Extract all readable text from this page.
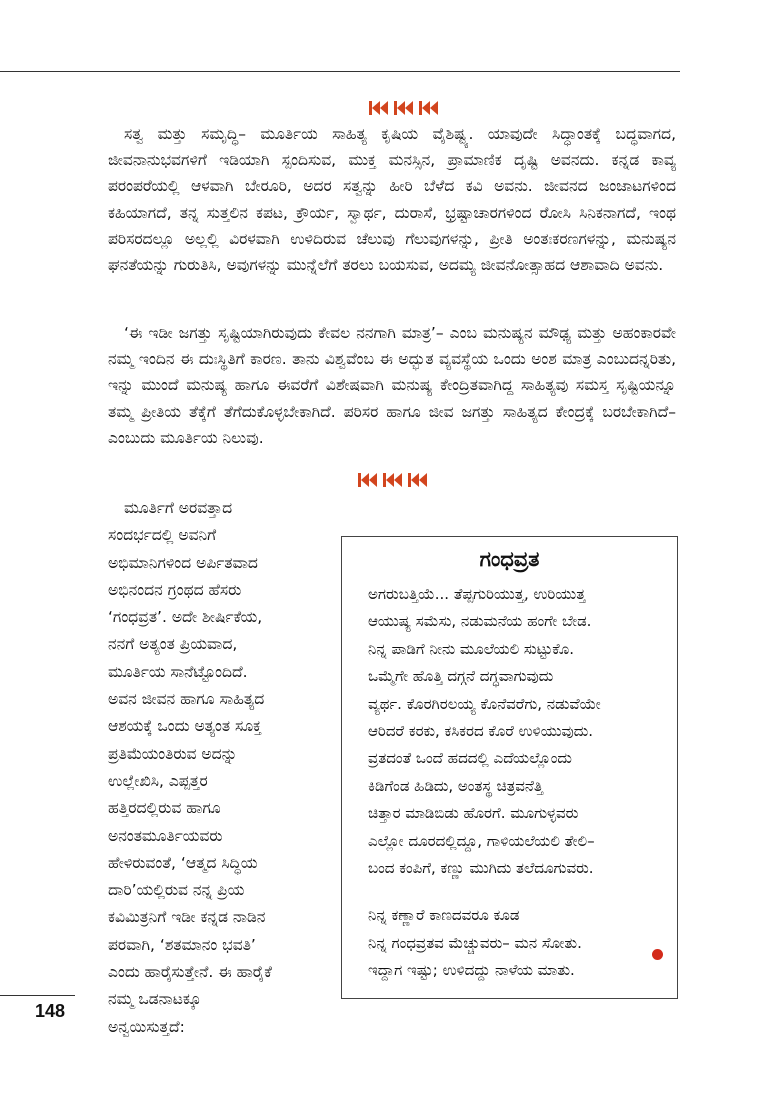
ಸತ್ವ ಮತ್ತು ಸಮೃದ್ಧಿ– ಮೂರ್ತಿಯ ಸಾಹಿತ್ಯ ಕೃಷಿಯ ವೈಶಿಷ್ಟ್ಯ. ಯಾವುದೇ ಸಿದ್ಧಾಂತಕ್ಕೆ ಬದ್ಧವಾಗದ, ಜೀವನಾನುಭವಗಳಿಗೆ ಇಡಿಯಾಗಿ ಸ್ಪಂದಿಸುವ, ಮುಕ್ತ ಮನಸ್ಸಿನ, ಪ್ರಾಮಾಣಿಕ ದೃಷ್ಟಿ ಅವನದು. ಕನ್ನಡ ಕಾವ್ಯ ಪರಂಪರೆಯಲ್ಲಿ ಆಳವಾಗಿ ಬೇರೂರಿ, ಅದರ ಸತ್ವನ್ನು ಹೀರಿ ಬೆಳೆದ ಕವಿ ಅವನು. ಜೀವನದ ಜಂಜಾಟಗಳಿಂದ ಕಹಿಯಾಗದೆ, ತನ್ನ ಸುತ್ತಲಿನ ಕಪಟ, ಕ್ರೌರ್ಯ, ಸ್ವಾರ್ಥ, ದುರಾಸೆ, ಭ್ರಷ್ಟಾಚಾರಗಳಿಂದ ರೋಸಿ ಸಿನಿಕನಾಗದೆ, ಇಂಥ ಪರಿಸರದಲ್ಲೂ ಅಲ್ಲಲ್ಲಿ ವಿರಳವಾಗಿ ಉಳಿದಿರುವ ಚೆಲುವು ಗೆಲುವುಗಳನ್ನು, ಪ್ರೀತಿ ಅಂತಃಕರಣಗಳನ್ನು, ಮನುಷ್ಯನ ಘನತೆಯನ್ನು ಗುರುತಿಸಿ, ಅವುಗಳನ್ನು ಮುನ್ನೆಲೆಗೆ ತರಲು ಬಯಸುವ, ಅದಮ್ಯ ಜೀವನೋತ್ಸಾಹದ ಆಶಾವಾದಿ ಅವನು.

‘ಈ ಇಡೀ ಜಗತ್ತು ಸೃಷ್ಟಿಯಾಗಿರುವುದು ಕೇವಲ ನನಗಾಗಿ ಮಾತ್ರ’– ಎಂಬ ಮನುಷ್ಯನ ಮೌಢ್ಯ ಮತ್ತು ಅಹಂಕಾರವೇ ನಮ್ಮ ಇಂದಿನ ಈ ದುಃಸ್ಥಿತಿಗೆ ಕಾರಣ. ತಾನು ವಿಶ್ವವೆಂಬ ಈ ಅದ್ಭುತ ವ್ಯವಸ್ಥೆಯ ಒಂದು ಅಂಶ ಮಾತ್ರ ಎಂಬುದನ್ನರಿತು, ಇನ್ನು ಮುಂದೆ ಮನುಷ್ಯ ಹಾಗೂ ಈವರೆಗೆ ವಿಶೇಷವಾಗಿ ಮನುಷ್ಯ ಕೇಂದ್ರಿತವಾಗಿದ್ದ ಸಾಹಿತ್ಯವು ಸಮಸ್ತ ಸೃಷ್ಟಿಯನ್ನೂ ತಮ್ಮ ಪ್ರೀತಿಯ ತೆಕ್ಕೆಗೆ ತೆಗೆದುಕೊಳ್ಳಬೇಕಾಗಿದೆ. ಪರಿಸರ ಹಾಗೂ ಜೀವ ಜಗತ್ತು ಸಾಹಿತ್ಯದ ಕೇಂದ್ರಕ್ಕೆ ಬರಬೇಕಾಗಿದೆ– ಎಂಬುದು ಮೂರ್ತಿಯ ನಿಲುವು.

ಮೂರ್ತಿಗೆ ಅರವತ್ತಾದ
ಸಂದರ್ಭದಲ್ಲಿ ಅವನಿಗೆ
ಅಭಿಮಾನಿಗಳಿಂದ ಅರ್ಪಿತವಾದ
ಅಭಿನಂದನ ಗ್ರಂಥದ ಹೆಸರು
‘ಗಂಧವ್ರತ’. ಅದೇ ಶೀರ್ಷಿಕೆಯ,
ನನಗೆ ಅತ್ಯಂತ ಪ್ರಿಯವಾದ,
ಮೂರ್ತಿಯ ಸಾನೆಟ್ಟೊಂದಿದೆ.
ಅವನ ಜೀವನ ಹಾಗೂ ಸಾಹಿತ್ಯದ
ಆಶಯಕ್ಕೆ ಒಂದು ಅತ್ಯಂತ ಸೂಕ್ತ
ಪ್ರತಿಮೆಯಂತಿರುವ ಅದನ್ನು
ಉಲ್ಲೇಖಿಸಿ, ಎಪ್ಪತ್ತರ
ಹತ್ತಿರದಲ್ಲಿರುವ ಹಾಗೂ
ಅನಂತಮೂರ್ತಿಯವರು
ಹೇಳಿರುವಂತೆ, ‘ಆತ್ಮದ ಸಿದ್ಧಿಯ
ದಾರಿ’ಯಲ್ಲಿರುವ ನನ್ನ ಪ್ರಿಯ
ಕವಿಮಿತ್ರನಿಗೆ ಇಡೀ ಕನ್ನಡ ನಾಡಿನ
ಪರವಾಗಿ, ‘ಶತಮಾನಂ ಭವತಿ’
ಎಂದು ಹಾರೈಸುತ್ತೇನೆ. ಈ ಹಾರೈಕೆ
ನಮ್ಮ ಒಡನಾಟಕ್ಕೂ
ಅನ್ವಯಿಸುತ್ತದೆ:
ಗಂಧವ್ರತ
ಅಗರುಬತ್ತಿಯೆ... ತೆಪ್ಪಗುರಿಯುತ್ತ, ಉರಿಯುತ್ತ
ಆಯುಷ್ಯ ಸಮೆಸು, ನಡುಮನೆಯ ಹಂಗೇ ಬೇಡ.
ನಿನ್ನ ಪಾಡಿಗೆ ನೀನು ಮೂಲೆಯಲಿ ಸುಟ್ಟುಕೊ.
ಒಮ್ಮೆಗೇ ಹೊತ್ತಿ ದಗ್ಗನೆ ದಗ್ಧವಾಗುವುದು
ವ್ಯರ್ಥ. ಕೊರಗಿರಲಯ್ಯ ಕೊನೆವರೆಗು, ನಡುವೆಯೇ
ಆರಿದರೆ ಕರಕು, ಕಸಿಕರದ ಕೊರೆ ಉಳಿಯುವುದು.
ವ್ರತದಂತೆ ಒಂದೆ ಹದದಲ್ಲಿ ಎದೆಯಲ್ಲೊಂದು
ಕಿಡಿಗೆಂಡ ಹಿಡಿದು, ಅಂತಸ್ಥ ಚಿತ್ರವನೆತ್ತಿ
ಚಿತ್ತಾರ ಮಾಡಿಬಿಡು ಹೊರಗೆ. ಮೂಗುಳ್ಳವರು
ಎಲ್ಲೋ ದೂರದಲ್ಲಿದ್ದೂ, ಗಾಳಿಯಲೆಯಲಿ ತೇಲಿ–
ಬಂದ ಕಂಪಿಗೆ, ಕಣ್ಣು ಮುಗಿದು ತಲೆದೂಗುವರು.
ನಿನ್ನ ಕಣ್ಣಾರೆ ಕಾಣದವರೂ ಕೂಡ
ನಿನ್ನ ಗಂಧವ್ರತವ ಮೆಚ್ಚುವರು– ಮನ ಸೋತು.
ಇದ್ದಾಗ ಇಷ್ಟು; ಉಳಿದದ್ದು ನಾಳೆಯ ಮಾತು.
148
